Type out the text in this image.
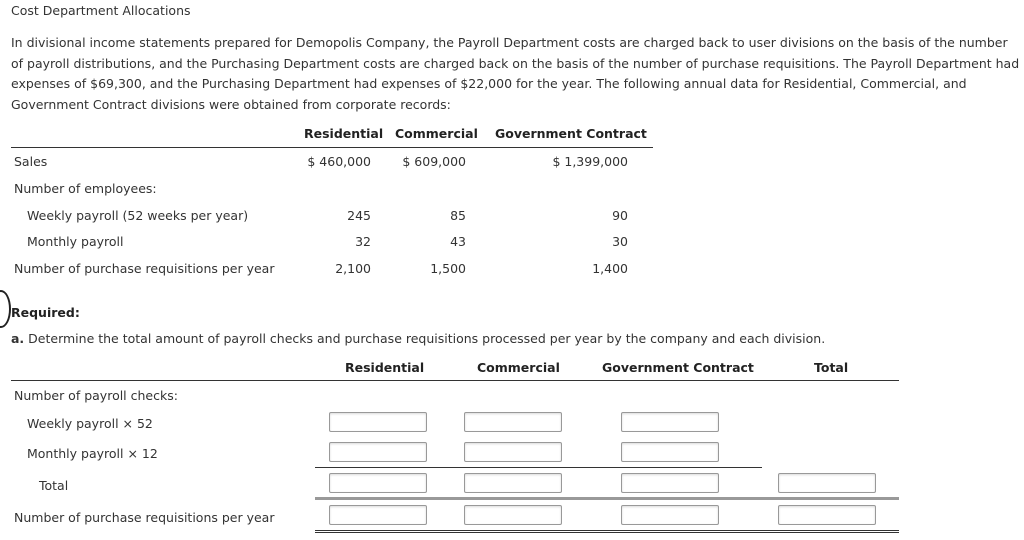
Cost Department Allocations
In divisional income statements prepared for Demopolis Company, the Payroll Department costs are charged back to user divisions on the basis of the number of payroll distributions, and the Purchasing Department costs are charged back on the basis of the number of purchase requisitions. The Payroll Department had expenses of $69,300, and the Purchasing Department had expenses of $22,000 for the year. The following annual data for Residential, Commercial, and Government Contract divisions were obtained from corporate records:
Residential Commercial Government Contract
Sales	$ 460,000	$ 609,000	$ 1,399,000
Number of employees:
Weekly payroll (52 weeks per year)	245	85	90
Monthly payroll	32	43	30
Number of purchase requisitions per year	2,100	1,500	1,400
Required:
a. Determine the total amount of payroll checks and purchase requisitions processed per year by the company and each division.
Residential	Commercial	Government Contract	Total
Number of payroll checks:
Weekly payroll × 52
Monthly payroll × 12
Total
Number of purchase requisitions per year
